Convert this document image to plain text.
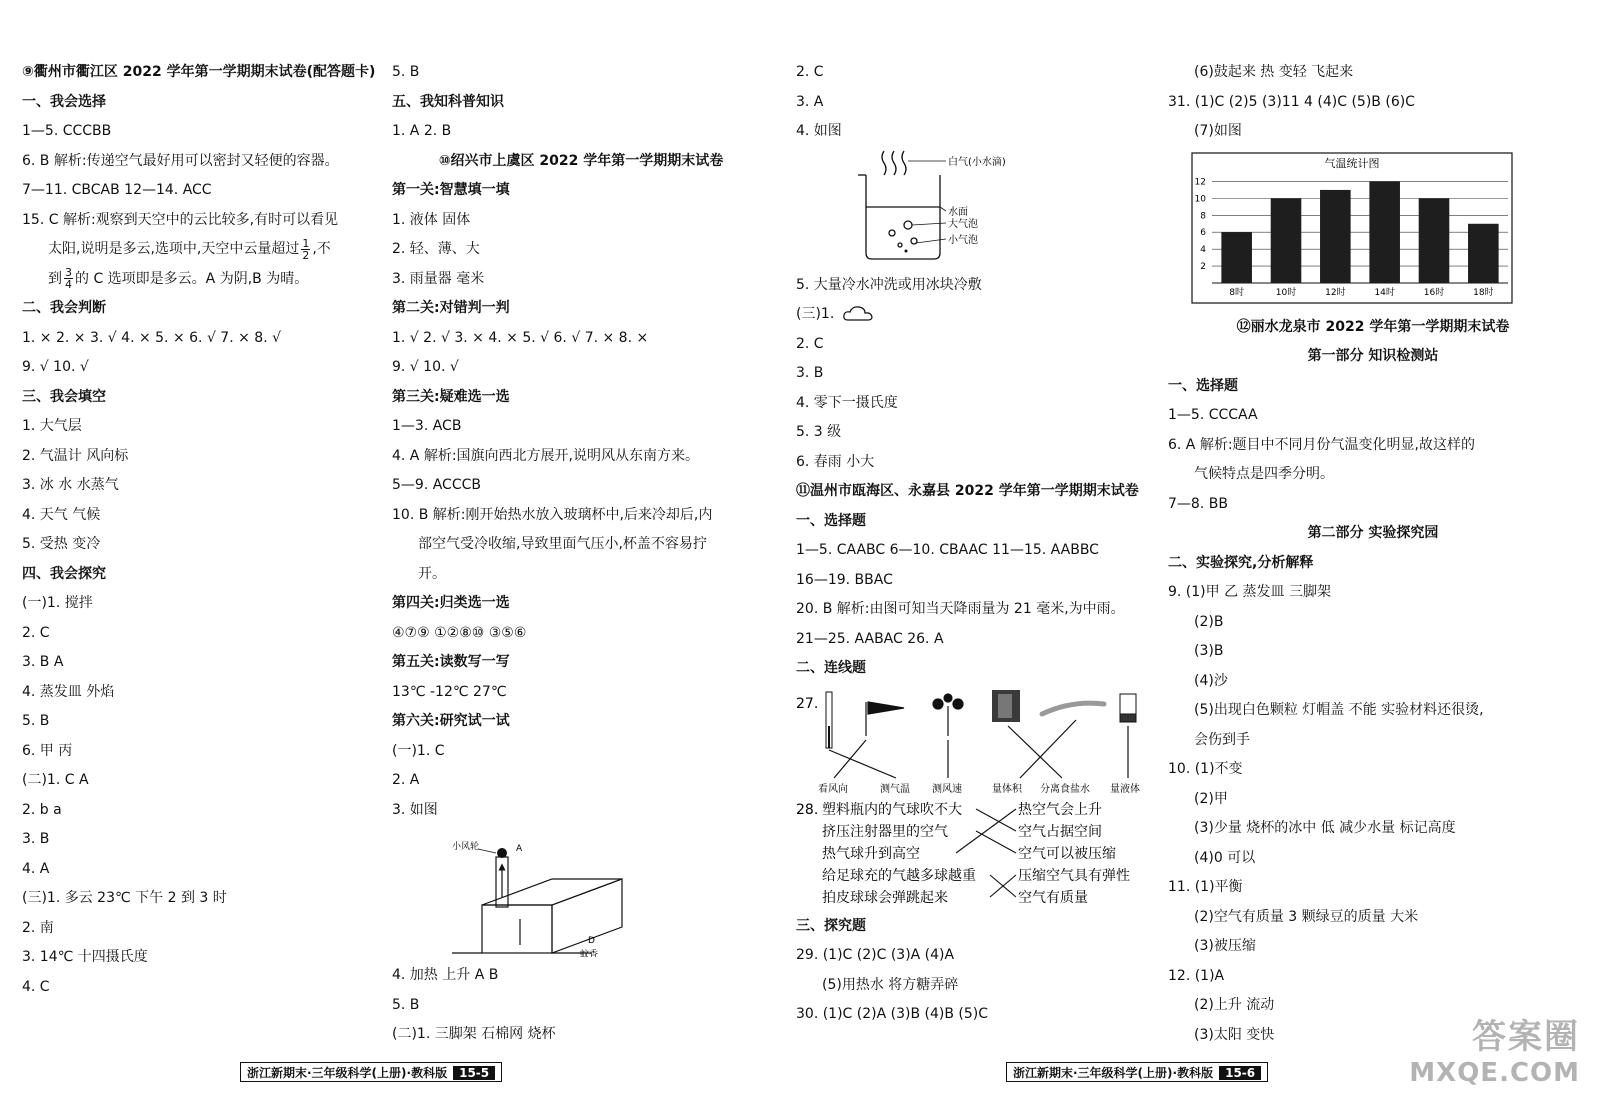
⑨衢州市衢江区 2022 学年第一学期期末试卷(配答题卡)
一、我会选择
1—5. CCCBB
6. B 解析:传递空气最好用可以密封又轻便的容器。
7—11. CBCAB 12—14. ACC
15. C 解析:观察到天空中的云比较多,有时可以看见
太阳,说明是多云,选项中,天空中云量超过 $\frac{1}{2}$ ,不
到 $\frac{3}{4}$ 的 C 选项即是多云。A 为阴,B 为晴。
二、我会判断
1. × 2. × 3. √ 4. × 5. × 6. √ 7. × 8. √
9. √ 10. √
三、我会填空
1. 大气层
2. 气温计 风向标
3. 冰 水 水蒸气
4. 天气 气候
5. 受热 变冷
四、我会探究
(一)1. 搅拌
2. C
3. B A
4. 蒸发皿 外焰
5. B
6. 甲 丙
(二)1. C A
2. b a
3. B
4. A
(三)1. 多云 23℃ 下午 2 到 3 时
2. 南
3. 14℃ 十四摄氏度
4. C
5. B
五、我知科普知识
1. A 2. B
⑩绍兴市上虞区 2022 学年第一学期期末试卷
第一关:智慧填一填
1. 液体 固体
2. 轻、薄、大
3. 雨量器 毫米
第二关:对错判一判
1. √ 2. √ 3. × 4. × 5. √ 6. √ 7. × 8. ×
9. √ 10. √
第三关:疑难选一选
1—3. ACB
4. A 解析:国旗向西北方展开,说明风从东南方来。
5—9. ACCCB
10. B 解析:刚开始热水放入玻璃杯中,后来冷却后,内
部空气受冷收缩,导致里面气压小,杯盖不容易拧
开。
第四关:归类选一选
④⑦⑨ ①②⑧⑩ ③⑤⑥
第五关:读数写一写
13℃ -12℃ 27℃
第六关:研究试一试
(一)1. C
2. A
3. 如图
小风轮	A
D
蚊香
4. 加热 上升 A B
5. B
(二)1. 三脚架 石棉网 烧杯
2. C
3. A
4. 如图
白气(小水滴)
水面
大气泡
小气泡
5. 大量冷水冲洗或用冰块冷敷
(三)1.
2. C
3. B
4. 零下一摄氏度
5. 3 级
6. 春雨 小大
⑪温州市瓯海区、永嘉县 2022 学年第一学期期末试卷
一、选择题
1—5. CAABC 6—10. CBAAC 11—15. AABBC
16—19. BBAC
20. B 解析:由图可知当天降雨量为 21 毫米,为中雨。
21—25. AABAC 26. A
二、连线题
27.
看风向	测气温 测风速	量体积 分离食盐水 量液体
28. 塑料瓶内的气球吹不大
挤压注射器里的空气
热气球升到高空
给足球充的气越多球越重
拍皮球球会弹跳起来
热空气会上升
空气占据空间
空气可以被压缩
压缩空气具有弹性
空气有质量
三、探究题
29. (1)C (2)C (3)A (4)A
(5)用热水 将方糖弄碎
30. (1)C (2)A (3)B (4)B (5)C
(6)鼓起来 热 变轻 飞起来
31. (1)C (2)5 (3)11 4 (4)C (5)B (6)C
(7)如图
气温统计图
2
4
6
8
10
12
8时	10时	12时	14时	16时	18时
⑫丽水龙泉市 2022 学年第一学期期末试卷
第一部分 知识检测站
一、选择题
1—5. CCCAA
6. A 解析:题目中不同月份气温变化明显,故这样的
气候特点是四季分明。
7—8. BB
第二部分 实验探究园
二、实验探究,分析解释
9. (1)甲 乙 蒸发皿 三脚架
(2)B
(3)B
(4)沙
(5)出现白色颗粒 灯帽盖 不能 实验材料还很烫,
会伤到手
10. (1)不变
(2)甲
(3)少量 烧杯的冰中 低 减少水量 标记高度
(4)0 可以
11. (1)平衡
(2)空气有质量 3 颗绿豆的质量 大米
(3)被压缩
12. (1)A
(2)上升 流动
(3)太阳 变快
浙江新期末·三年级科学(上册)·教科版 15-5	浙江新期末·三年级科学(上册)·教科版 15-6
答案圈
MXQE.COM
